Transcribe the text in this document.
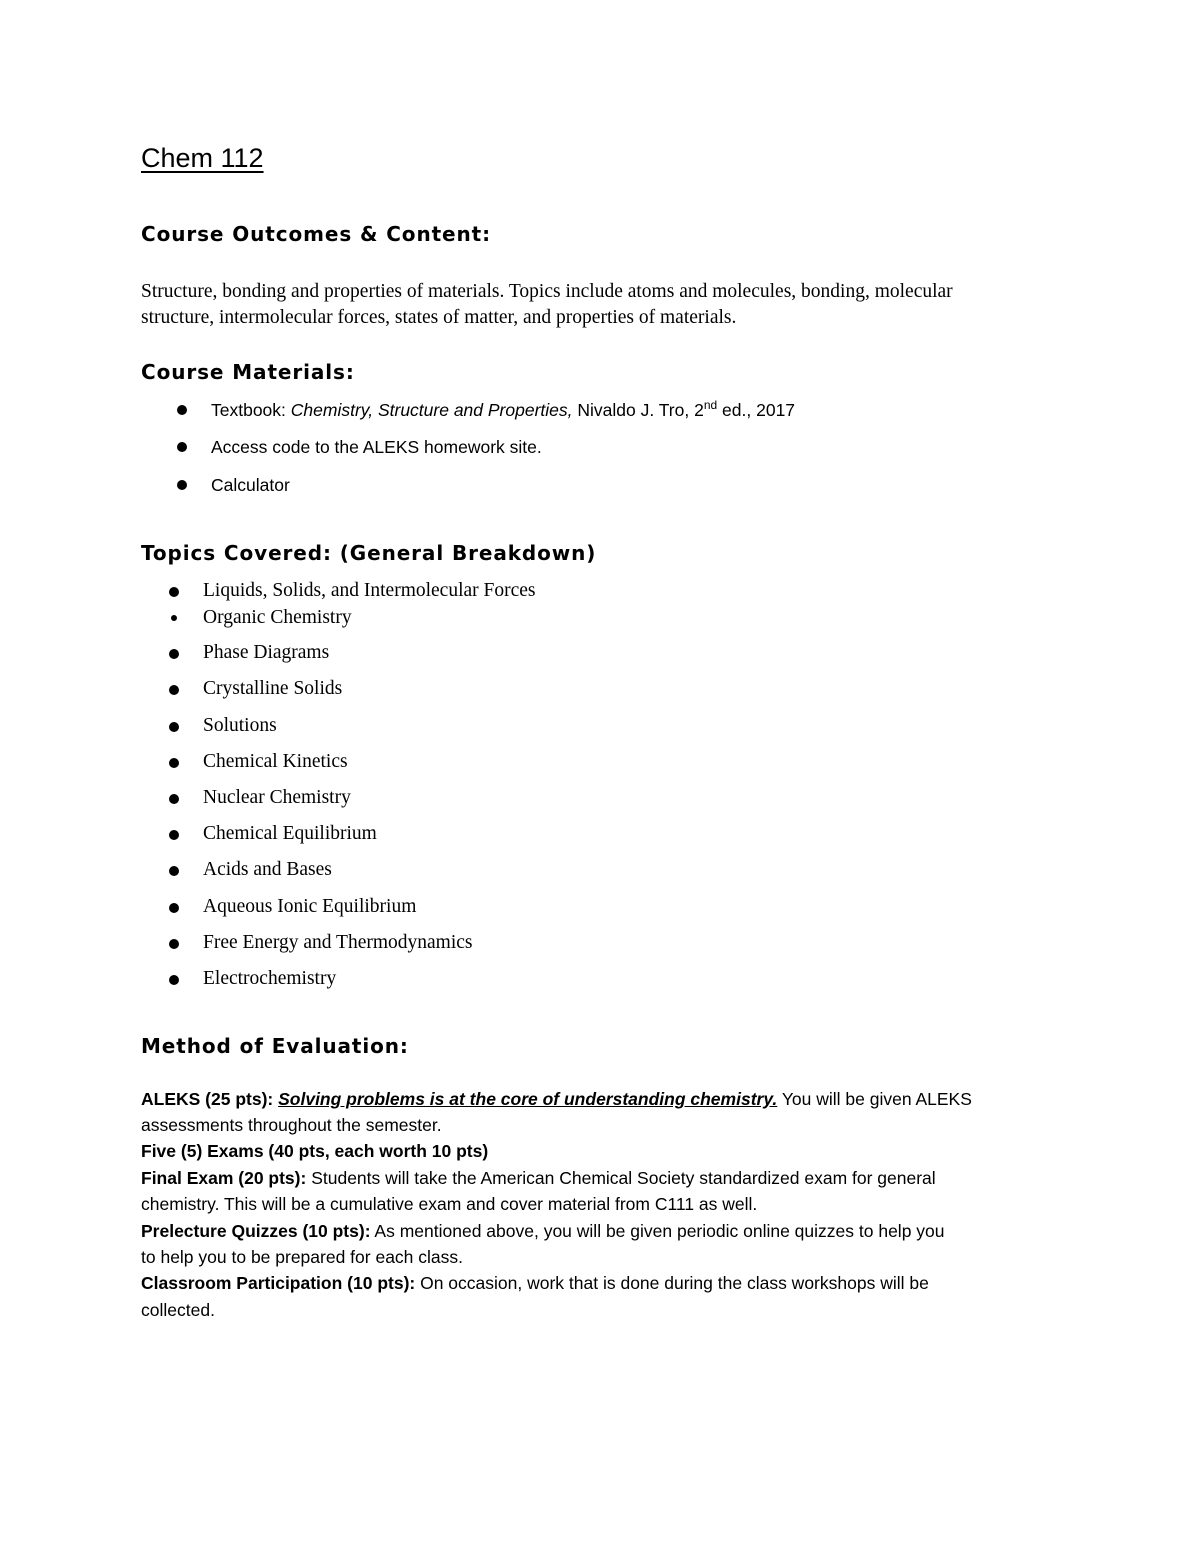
Chem 112
Course Outcomes & Content:
Structure, bonding and properties of materials. Topics include atoms and molecules, bonding, molecular
structure, intermolecular forces, states of matter, and properties of materials.
Course Materials:
Textbook: Chemistry, Structure and Properties, Nivaldo J. Tro, 2nd ed., 2017
Access code to the ALEKS homework site.
Calculator
Topics Covered: (General Breakdown)
Liquids, Solids, and Intermolecular Forces
Organic Chemistry
Phase Diagrams
Crystalline Solids
Solutions
Chemical Kinetics
Nuclear Chemistry
Chemical Equilibrium
Acids and Bases
Aqueous Ionic Equilibrium
Free Energy and Thermodynamics
Electrochemistry
Method of Evaluation:
ALEKS (25 pts): Solving problems is at the core of understanding chemistry. You will be given ALEKS
assessments throughout the semester.
Five (5) Exams (40 pts, each worth 10 pts)
Final Exam (20 pts): Students will take the American Chemical Society standardized exam for general
chemistry. This will be a cumulative exam and cover material from C111 as well.
Prelecture Quizzes (10 pts): As mentioned above, you will be given periodic online quizzes to help you
to help you to be prepared for each class.
Classroom Participation (10 pts): On occasion, work that is done during the class workshops will be
collected.
